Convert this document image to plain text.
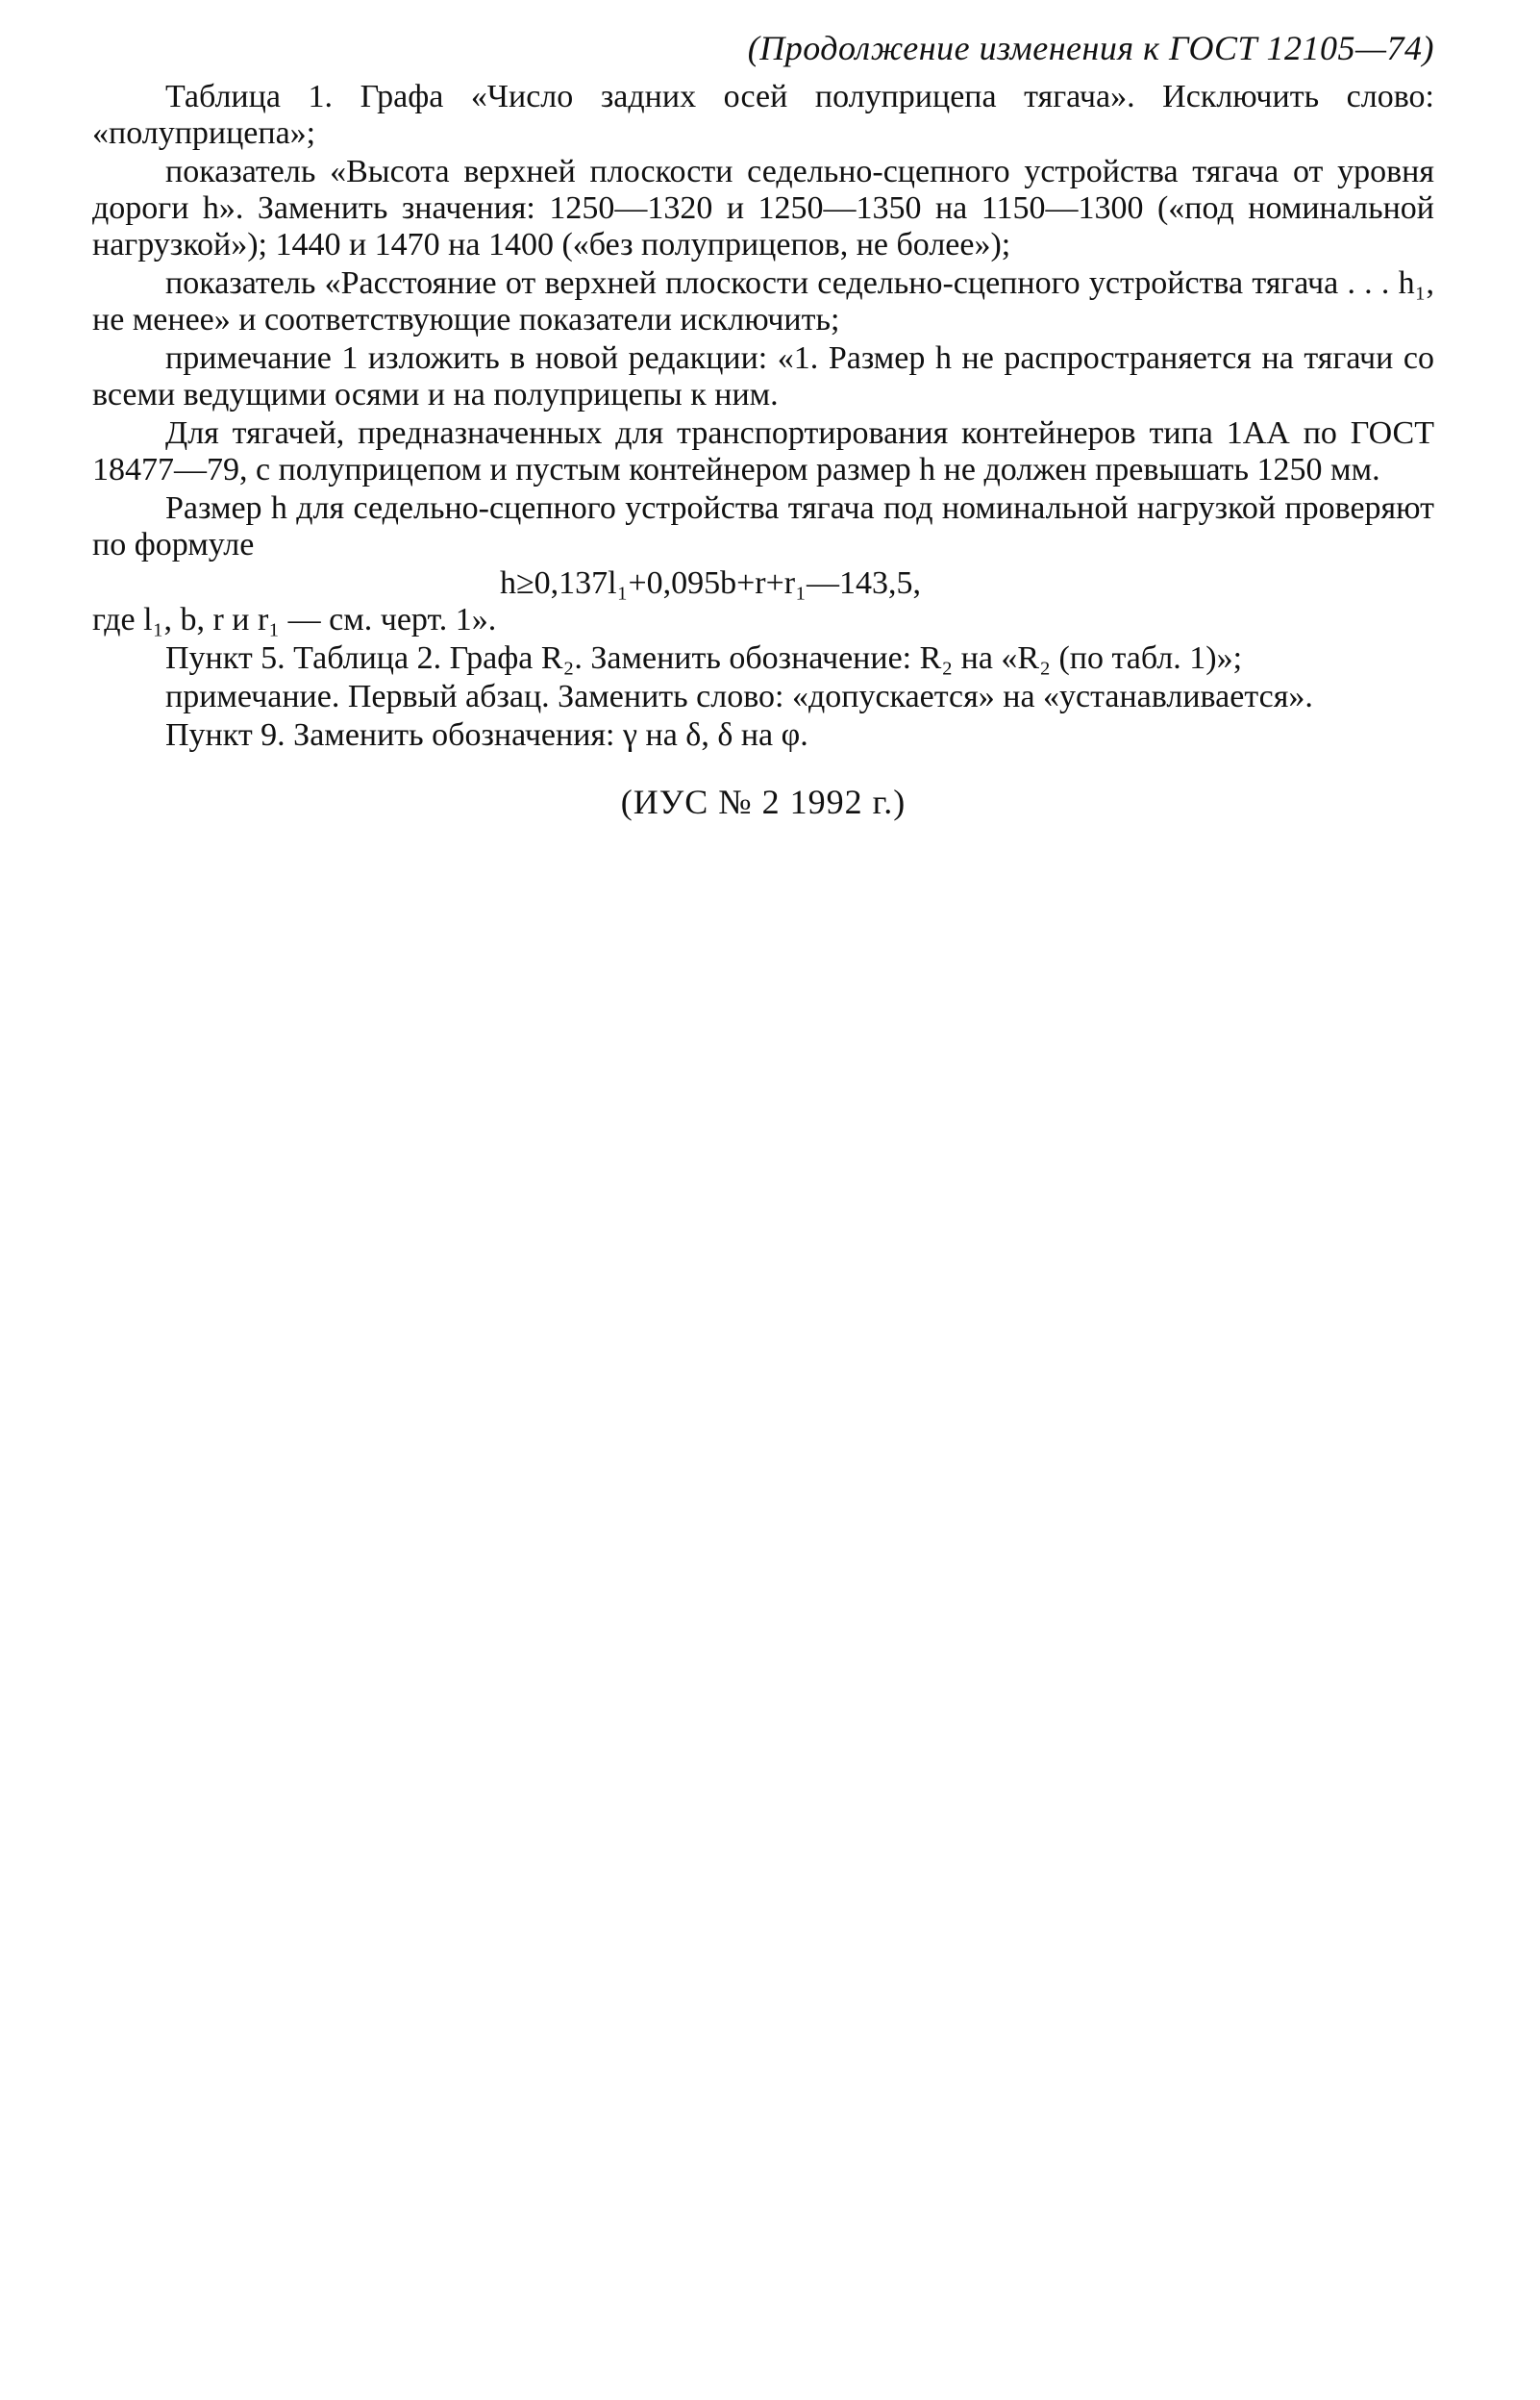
(Продолжение изменения к ГОСТ 12105—74)

Таблица 1. Графа «Число задних осей полуприцепа тягача». Исключить слово: «полуприцепа»;

показатель «Высота верхней плоскости седельно-сцепного устройства тягача от уровня дороги h». Заменить значения: 1250—1320 и 1250—1350 на 1150—1300 («под номинальной нагрузкой»); 1440 и 1470 на 1400 («без полуприцепов, не более»);

показатель «Расстояние от верхней плоскости седельно-сцепного устройства тягача . . . h₁, не менее» и соответствующие показатели исключить;

примечание 1 изложить в новой редакции: «1. Размер h не распространяется на тягачи со всеми ведущими осями и на полуприцепы к ним.

Для тягачей, предназначенных для транспортирования контейнеров типа 1АА по ГОСТ 18477—79, с полуприцепом и пустым контейнером размер h не должен превышать 1250 мм.

Размер h для седельно-сцепного устройства тягача под номинальной нагрузкой проверяют по формуле

h≥0,137l₁+0,095b+r+r₁—143,5,

где l₁, b, r и r₁ — см. черт. 1».

Пункт 5. Таблица 2. Графа R₂. Заменить обозначение: R₂ на «R₂ (по табл. 1)»;

примечание. Первый абзац. Заменить слово: «допускается» на «устанавливается».

Пункт 9. Заменить обозначения: γ на δ, δ на φ.

(ИУС № 2 1992 г.)
